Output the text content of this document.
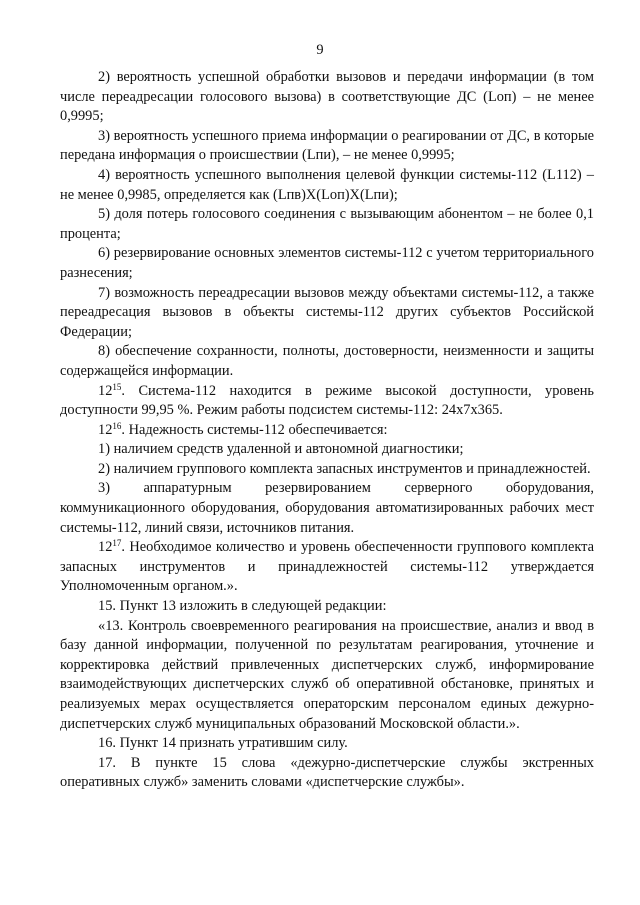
9

2) вероятность успешной обработки вызовов и передачи информации (в том числе переадресации голосового вызова) в соответствующие ДС (Lоп) – не менее 0,9995;

3) вероятность успешного приема информации о реагировании от ДС, в которые передана информация о происшествии (Lпи), – не менее 0,9995;

4) вероятность успешного выполнения целевой функции системы-112 (L112) – не менее 0,9985, определяется как (Lпв)Х(Lоп)Х(Lпи);

5) доля потерь голосового соединения с вызывающим абонентом – не более 0,1 процента;

6) резервирование основных элементов системы-112 с учетом территориального разнесения;

7) возможность переадресации вызовов между объектами системы-112, а также переадресация вызовов в объекты системы-112 других субъектов Российской Федерации;

8) обеспечение сохранности, полноты, достоверности, неизменности и защиты содержащейся информации.

$12^{15}$. Система-112 находится в режиме высокой доступности, уровень доступности 99,95 %. Режим работы подсистем системы-112: 24х7х365.

$12^{16}$. Надежность системы-112 обеспечивается:

1) наличием средств удаленной и автономной диагностики;

2) наличием группового комплекта запасных инструментов и принадлежностей.

3) аппаратурным резервированием серверного оборудования, коммуникационного оборудования, оборудования автоматизированных рабочих мест системы-112, линий связи, источников питания.

$12^{17}$. Необходимое количество и уровень обеспеченности группового комплекта запасных инструментов и принадлежностей системы-112 утверждается Уполномоченным органом.».

15. Пункт 13 изложить в следующей редакции:

«13. Контроль своевременного реагирования на происшествие, анализ и ввод в базу данной информации, полученной по результатам реагирования, уточнение и корректировка действий привлеченных диспетчерских служб, информирование взаимодействующих диспетчерских служб об оперативной обстановке, принятых и реализуемых мерах осуществляется операторским персоналом единых дежурно-диспетчерских служб муниципальных образований Московской области.».

16. Пункт 14 признать утратившим силу.

17. В пункте 15 слова «дежурно-диспетчерские службы экстренных оперативных служб» заменить словами «диспетчерские службы».
